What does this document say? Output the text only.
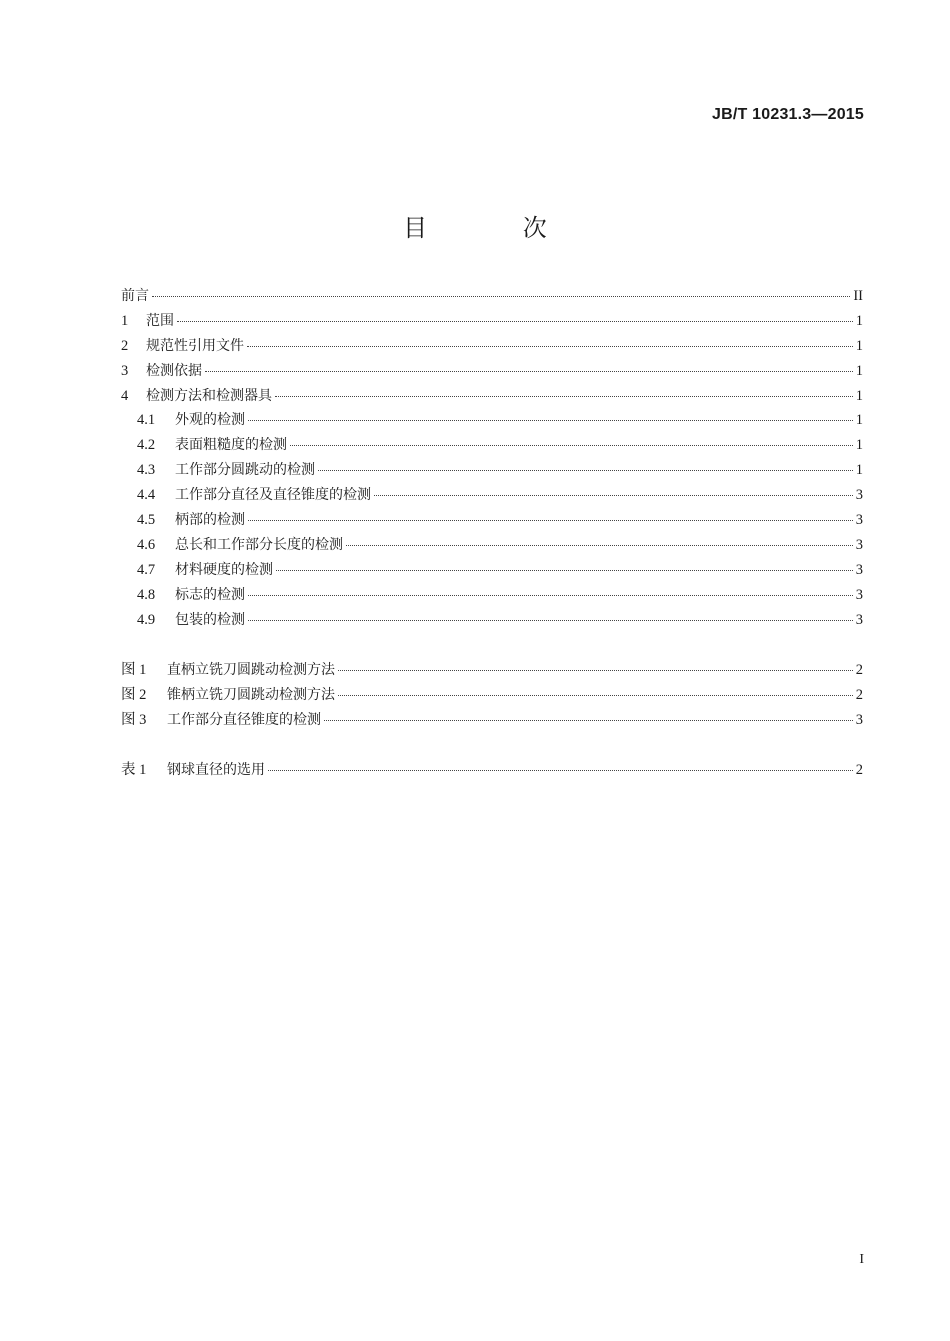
JB/T 10231.3—2015
目 次
前言	II
1	范围	1
2	规范性引用文件	1
3	检测依据	1
4	检测方法和检测器具	1
4.1	外观的检测	1
4.2	表面粗糙度的检测	1
4.3	工作部分圆跳动的检测	1
4.4	工作部分直径及直径锥度的检测	3
4.5	柄部的检测	3
4.6	总长和工作部分长度的检测	3
4.7	材料硬度的检测	3
4.8	标志的检测	3
4.9	包装的检测	3
图 1	直柄立铣刀圆跳动检测方法	2
图 2	锥柄立铣刀圆跳动检测方法	2
图 3	工作部分直径锥度的检测	3
表 1	钢球直径的选用	2
I
